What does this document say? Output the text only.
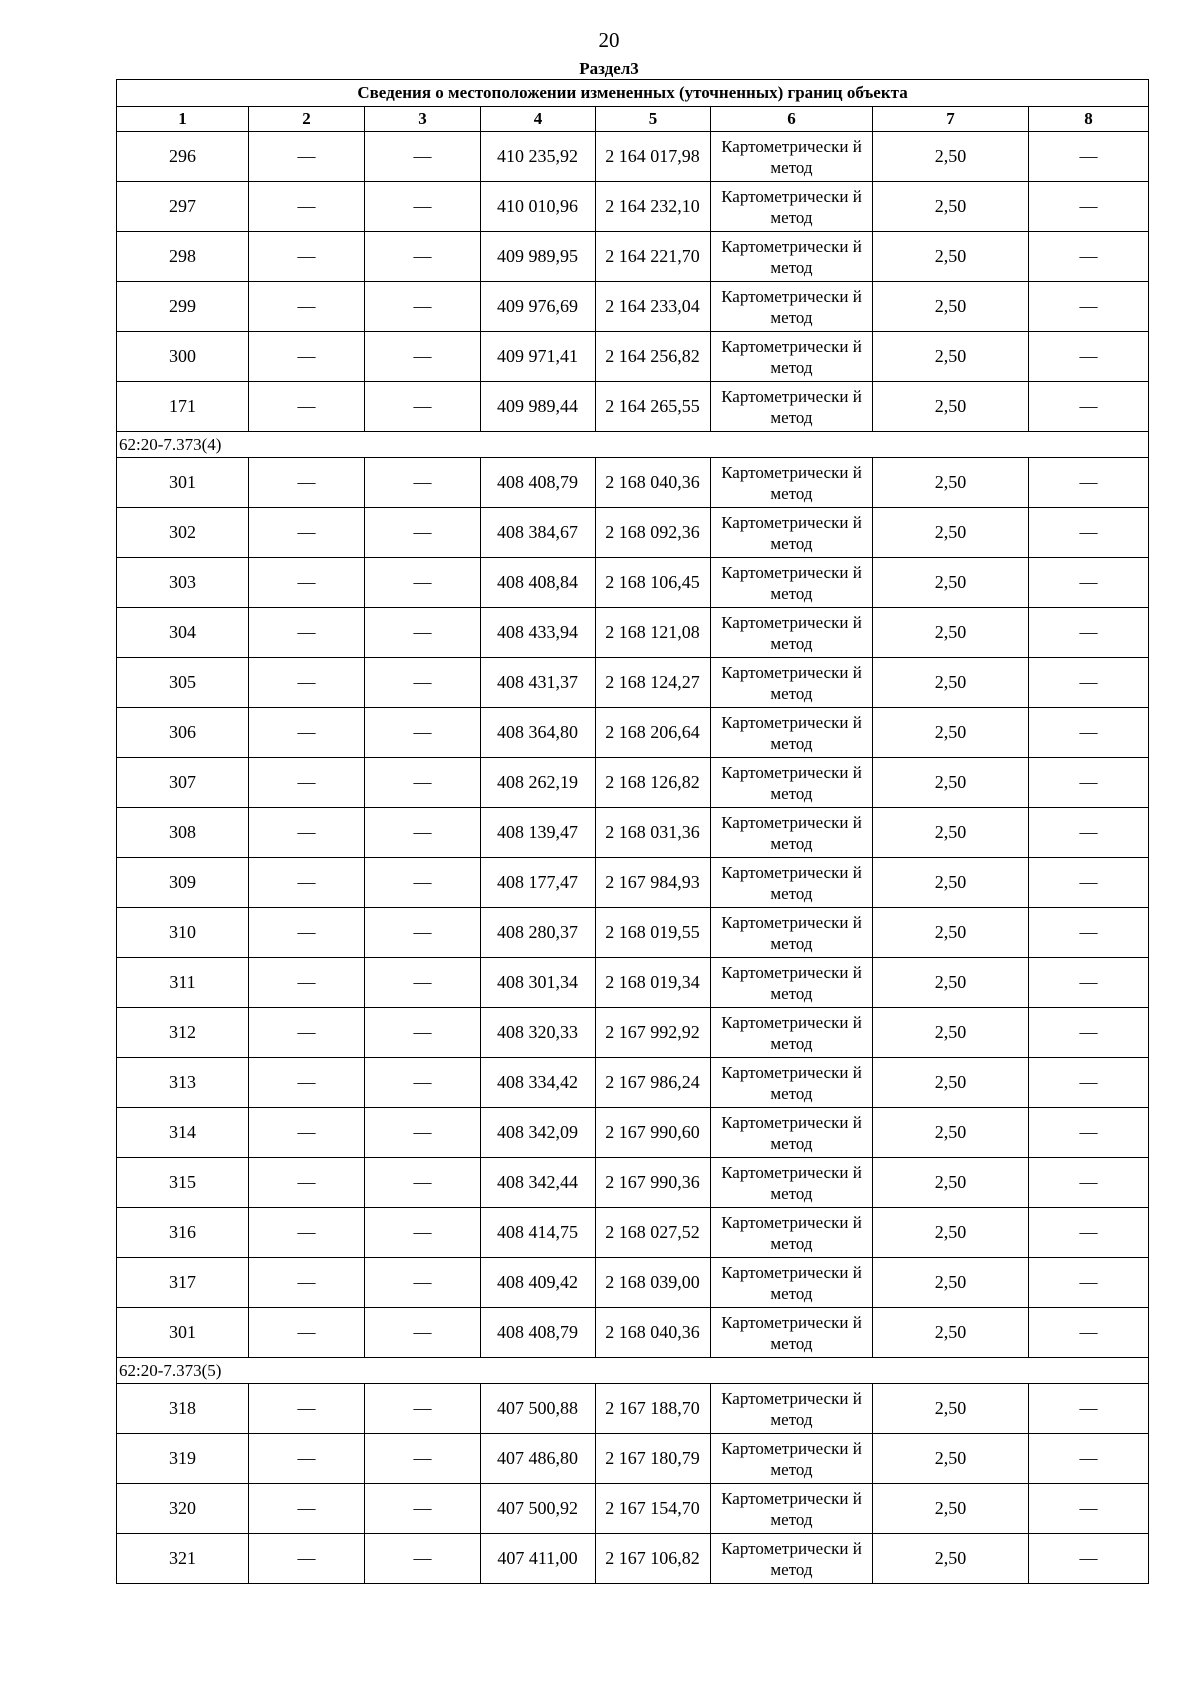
20
Раздел3
Сведения о местоположении измененных (уточненных) границ объекта							
1	2	3	4	5	6	7	8
296	—	—	410 235,92	2 164 017,98	Картометрически й метод	2,50	—
297	—	—	410 010,96	2 164 232,10	Картометрически й метод	2,50	—
298	—	—	409 989,95	2 164 221,70	Картометрически й метод	2,50	—
299	—	—	409 976,69	2 164 233,04	Картометрически й метод	2,50	—
300	—	—	409 971,41	2 164 256,82	Картометрически й метод	2,50	—
171	—	—	409 989,44	2 164 265,55	Картометрически й метод	2,50	—
62:20-7.373(4)							
301	—	—	408 408,79	2 168 040,36	Картометрически й метод	2,50	—
302	—	—	408 384,67	2 168 092,36	Картометрически й метод	2,50	—
303	—	—	408 408,84	2 168 106,45	Картометрически й метод	2,50	—
304	—	—	408 433,94	2 168 121,08	Картометрически й метод	2,50	—
305	—	—	408 431,37	2 168 124,27	Картометрически й метод	2,50	—
306	—	—	408 364,80	2 168 206,64	Картометрически й метод	2,50	—
307	—	—	408 262,19	2 168 126,82	Картометрически й метод	2,50	—
308	—	—	408 139,47	2 168 031,36	Картометрически й метод	2,50	—
309	—	—	408 177,47	2 167 984,93	Картометрически й метод	2,50	—
310	—	—	408 280,37	2 168 019,55	Картометрически й метод	2,50	—
311	—	—	408 301,34	2 168 019,34	Картометрически й метод	2,50	—
312	—	—	408 320,33	2 167 992,92	Картометрически й метод	2,50	—
313	—	—	408 334,42	2 167 986,24	Картометрически й метод	2,50	—
314	—	—	408 342,09	2 167 990,60	Картометрически й метод	2,50	—
315	—	—	408 342,44	2 167 990,36	Картометрически й метод	2,50	—
316	—	—	408 414,75	2 168 027,52	Картометрически й метод	2,50	—
317	—	—	408 409,42	2 168 039,00	Картометрически й метод	2,50	—
301	—	—	408 408,79	2 168 040,36	Картометрически й метод	2,50	—
62:20-7.373(5)							
318	—	—	407 500,88	2 167 188,70	Картометрически й метод	2,50	—
319	—	—	407 486,80	2 167 180,79	Картометрически й метод	2,50	—
320	—	—	407 500,92	2 167 154,70	Картометрически й метод	2,50	—
321	—	—	407 411,00	2 167 106,82	Картометрически й метод	2,50	—
